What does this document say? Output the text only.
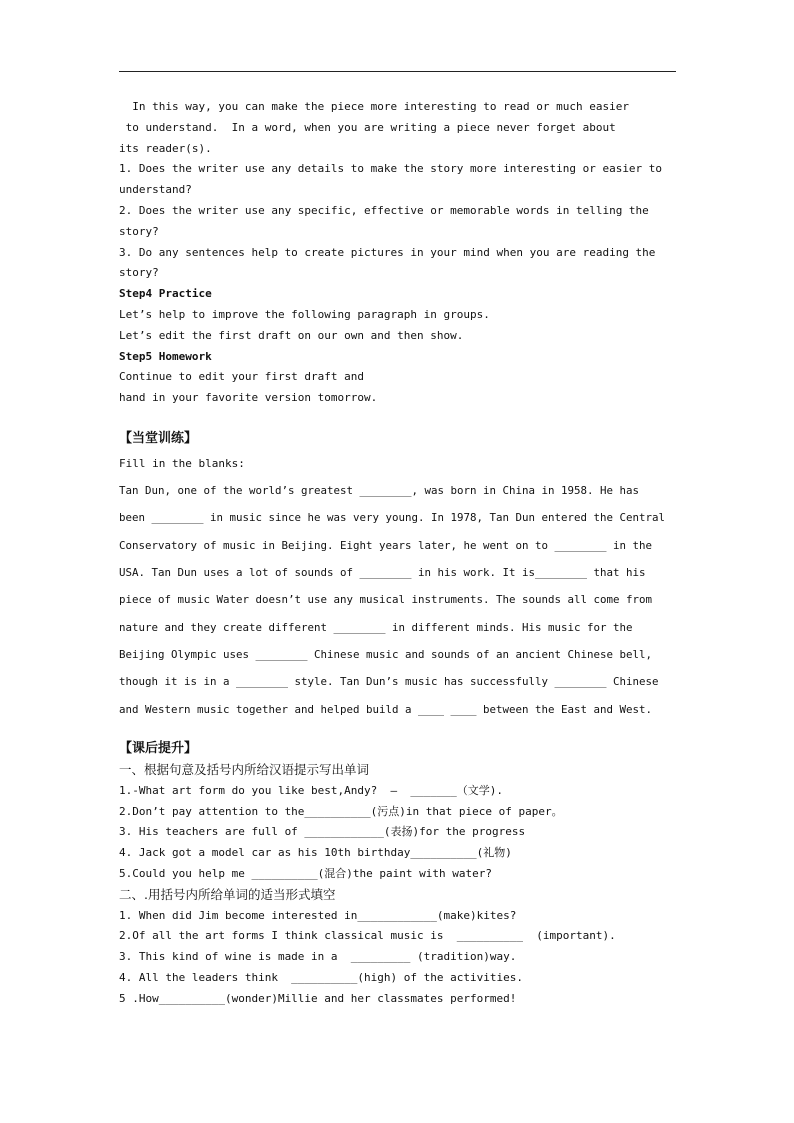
In this way, you can make the piece more interesting to read or much easier
to understand.  In a word, when you are writing a piece never forget about
its reader(s).
1. Does the writer use any details to make the story more interesting or easier to
understand?
2. Does the writer use any specific, effective or memorable words in telling the
story?
3. Do any sentences help to create pictures in your mind when you are reading the
story?
Step4 Practice
Let’s help to improve the following paragraph in groups.
Let’s edit the first draft on our own and then show.
Step5 Homework
Continue to edit your first draft and
hand in your favorite version tomorrow.
【当堂训练】
Fill in the blanks:
Tan Dun, one of the world’s greatest ________, was born in China in 1958. He has
been ________ in music since he was very young. In 1978, Tan Dun entered the Central
Conservatory of music in Beijing. Eight years later, he went on to ________ in the
USA. Tan Dun uses a lot of sounds of ________ in his work. It is________ that his
piece of music Water doesn’t use any musical instruments. The sounds all come from
nature and they create different ________ in different minds. His music for the
Beijing Olympic uses ________ Chinese music and sounds of an ancient Chinese bell,
though it is in a ________ style. Tan Dun’s music has successfully ________ Chinese
and Western music together and helped build a ____ ____ between the East and West.
【课后提升】
一、根据句意及括号内所给汉语提示写出单词
1.-What art form do you like best,Andy?  —  _______（文学).
2.Don’t pay attention to the__________(污点)in that piece of paper。
3. His teachers are full of ____________(表扬)for the progress
4. Jack got a model car as his 10th birthday__________(礼物)
5.Could you help me __________(混合)the paint with water?
二、.用括号内所给单词的适当形式填空
1. When did Jim become interested in____________(make)kites?
2.Of all the art forms I think classical music is  __________  (important).
3. This kind of wine is made in a  _________ (tradition)way.
4. All the leaders think  __________(high) of the activities.
5 .How__________(wonder)Millie and her classmates performed!
